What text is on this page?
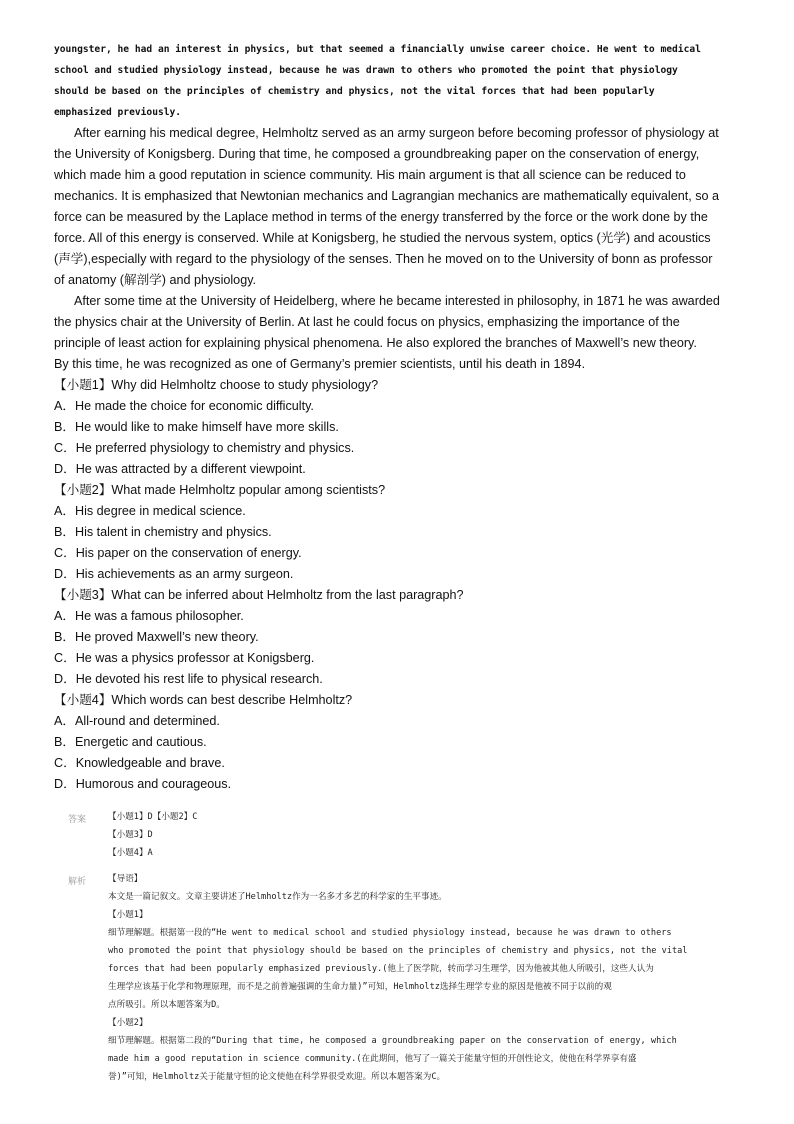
youngster, he had an interest in physics, but that seemed a financially unwise career choice. He went to medical
school and studied physiology instead, because he was drawn to others who promoted the point that physiology
should be based on the principles of chemistry and physics, not the vital forces that had been popularly
emphasized previously.
After earning his medical degree, Helmholtz served as an army surgeon before becoming professor of physiology at
the University of Konigsberg. During that time, he composed a groundbreaking paper on the conservation of energy,
which made him a good reputation in science community. His main argument is that all science can be reduced to
mechanics. It is emphasized that Newtonian mechanics and Lagrangian mechanics are mathematically equivalent, so a
force can be measured by the Laplace method in terms of the energy transferred by the force or the work done by the
force. All of this energy is conserved. While at Konigsberg, he studied the nervous system, optics (光学) and acoustics
(声学),especially with regard to the physiology of the senses. Then he moved on to the University of bonn as professor
of anatomy (解剖学) and physiology.
After some time at the University of Heidelberg, where he became interested in philosophy, in 1871 he was awarded
the physics chair at the University of Berlin. At last he could focus on physics, emphasizing the importance of the
principle of least action for explaining physical phenomena. He also explored the branches of Maxwell’s new theory.
By this time, he was recognized as one of Germany’s premier scientists, until his death in 1894.
【小题1】Why did Helmholtz choose to study physiology?
A．He made the choice for economic difficulty.
B．He would like to make himself have more skills.
C．He preferred physiology to chemistry and physics.
D．He was attracted by a different viewpoint.
【小题2】What made Helmholtz popular among scientists?
A．His degree in medical science.
B．His talent in chemistry and physics.
C．His paper on the conservation of energy.
D．His achievements as an army surgeon.
【小题3】What can be inferred about Helmholtz from the last paragraph?
A．He was a famous philosopher.
B．He proved Maxwell’s new theory.
C．He was a physics professor at Konigsberg.
D．He devoted his rest life to physical research.
【小题4】Which words can best describe Helmholtz?
A．All-round and determined.
B．Energetic and cautious.
C．Knowledgeable and brave.
D．Humorous and courageous.
答案	【小题1】D【小题2】C
【小题3】D
【小题4】A
解析	【导语】
本文是一篇记叙文。文章主要讲述了Helmholtz作为一名多才多艺的科学家的生平事迹。
【小题1】
细节理解题。根据第一段的“He went to medical school and studied physiology instead, because he was drawn to others
who promoted the point that physiology should be based on the principles of chemistry and physics, not the vital
forces that had been popularly emphasized previously.(他上了医学院，转而学习生理学，因为他被其他人所吸引，这些人认为
生理学应该基于化学和物理原理，而不是之前普遍强调的生命力量)”可知，Helmholtz选择生理学专业的原因是他被不同于以前的观
点所吸引。所以本题答案为D。
【小题2】
细节理解题。根据第二段的“During that time, he composed a groundbreaking paper on the conservation of energy, which
made him a good reputation in science community.(在此期间，他写了一篇关于能量守恒的开创性论文，使他在科学界享有盛
誉)”可知，Helmholtz关于能量守恒的论文使他在科学界很受欢迎。所以本题答案为C。
